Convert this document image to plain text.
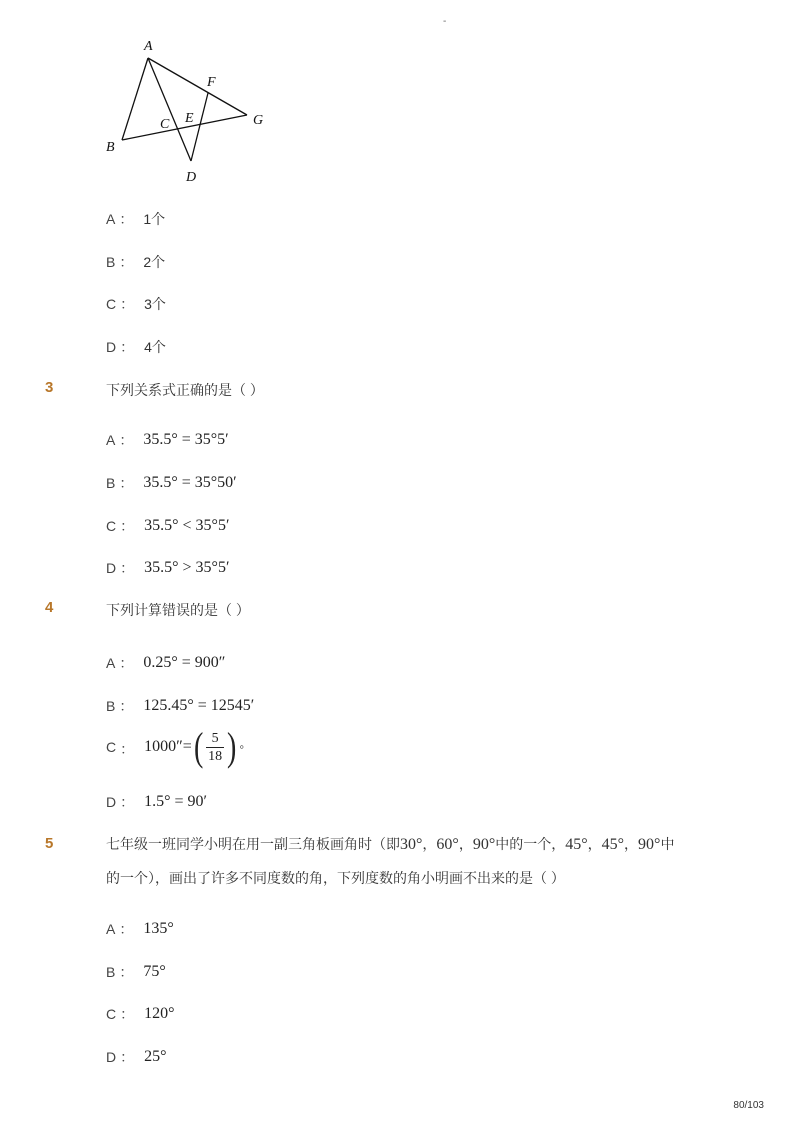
-
A
B
C
D
E
F
G
A ： 1个
B ： 2个
C ： 3个
D ： 4个
3	下列关系式正确的是（ ）
A ： 35.5° = 35°5′
B ： 35.5° = 35°50′
C ： 35.5° < 35°5′
D ： 35.5° > 35°5′
4	下列计算错误的是（ ）
A ： 0.25° = 900″
B ： 125.45° = 12545′
C ： 1000″= ( $\frac{5}{18}$ ) ◦
D ： 1.5° = 90′
5	七年级一班同学小明在用一副三角板画角时（即30°，60°，90°中的一个，45°，45°，90°中
的一个），画出了许多不同度数的角，下列度数的角小明画不出来的是（ ）
A ： 135°
B ： 75°
C ： 120°
D ： 25°
80/103
